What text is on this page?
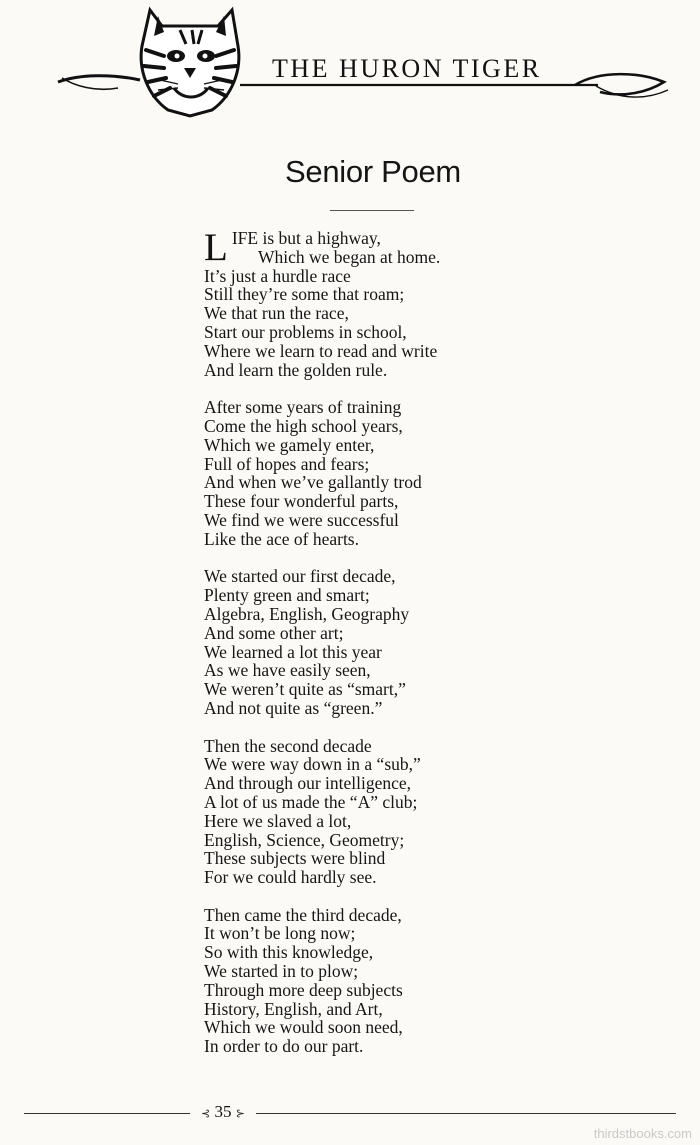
THE HURON TIGER
Senior Poem
L IFE is but a highway,
Which we began at home.
It’s just a hurdle race
Still they’re some that roam;
We that run the race,
Start our problems in school,
Where we learn to read and write
And learn the golden rule.
After some years of training
Come the high school years,
Which we gamely enter,
Full of hopes and fears;
And when we’ve gallantly trod
These four wonderful parts,
We find we were successful
Like the ace of hearts.
We started our first decade,
Plenty green and smart;
Algebra, English, Geography
And some other art;
We learned a lot this year
As we have easily seen,
We weren’t quite as “smart,”
And not quite as “green.”
Then the second decade
We were way down in a “sub,”
And through our intelligence,
A lot of us made the “A” club;
Here we slaved a lot,
English, Science, Geometry;
These subjects were blind
For we could hardly see.
Then came the third decade,
It won’t be long now;
So with this knowledge,
We started in to plow;
Through more deep subjects
History, English, and Art,
Which we would soon need,
In order to do our part.
⊰ 35 ⊱
thirdstbooks.com
